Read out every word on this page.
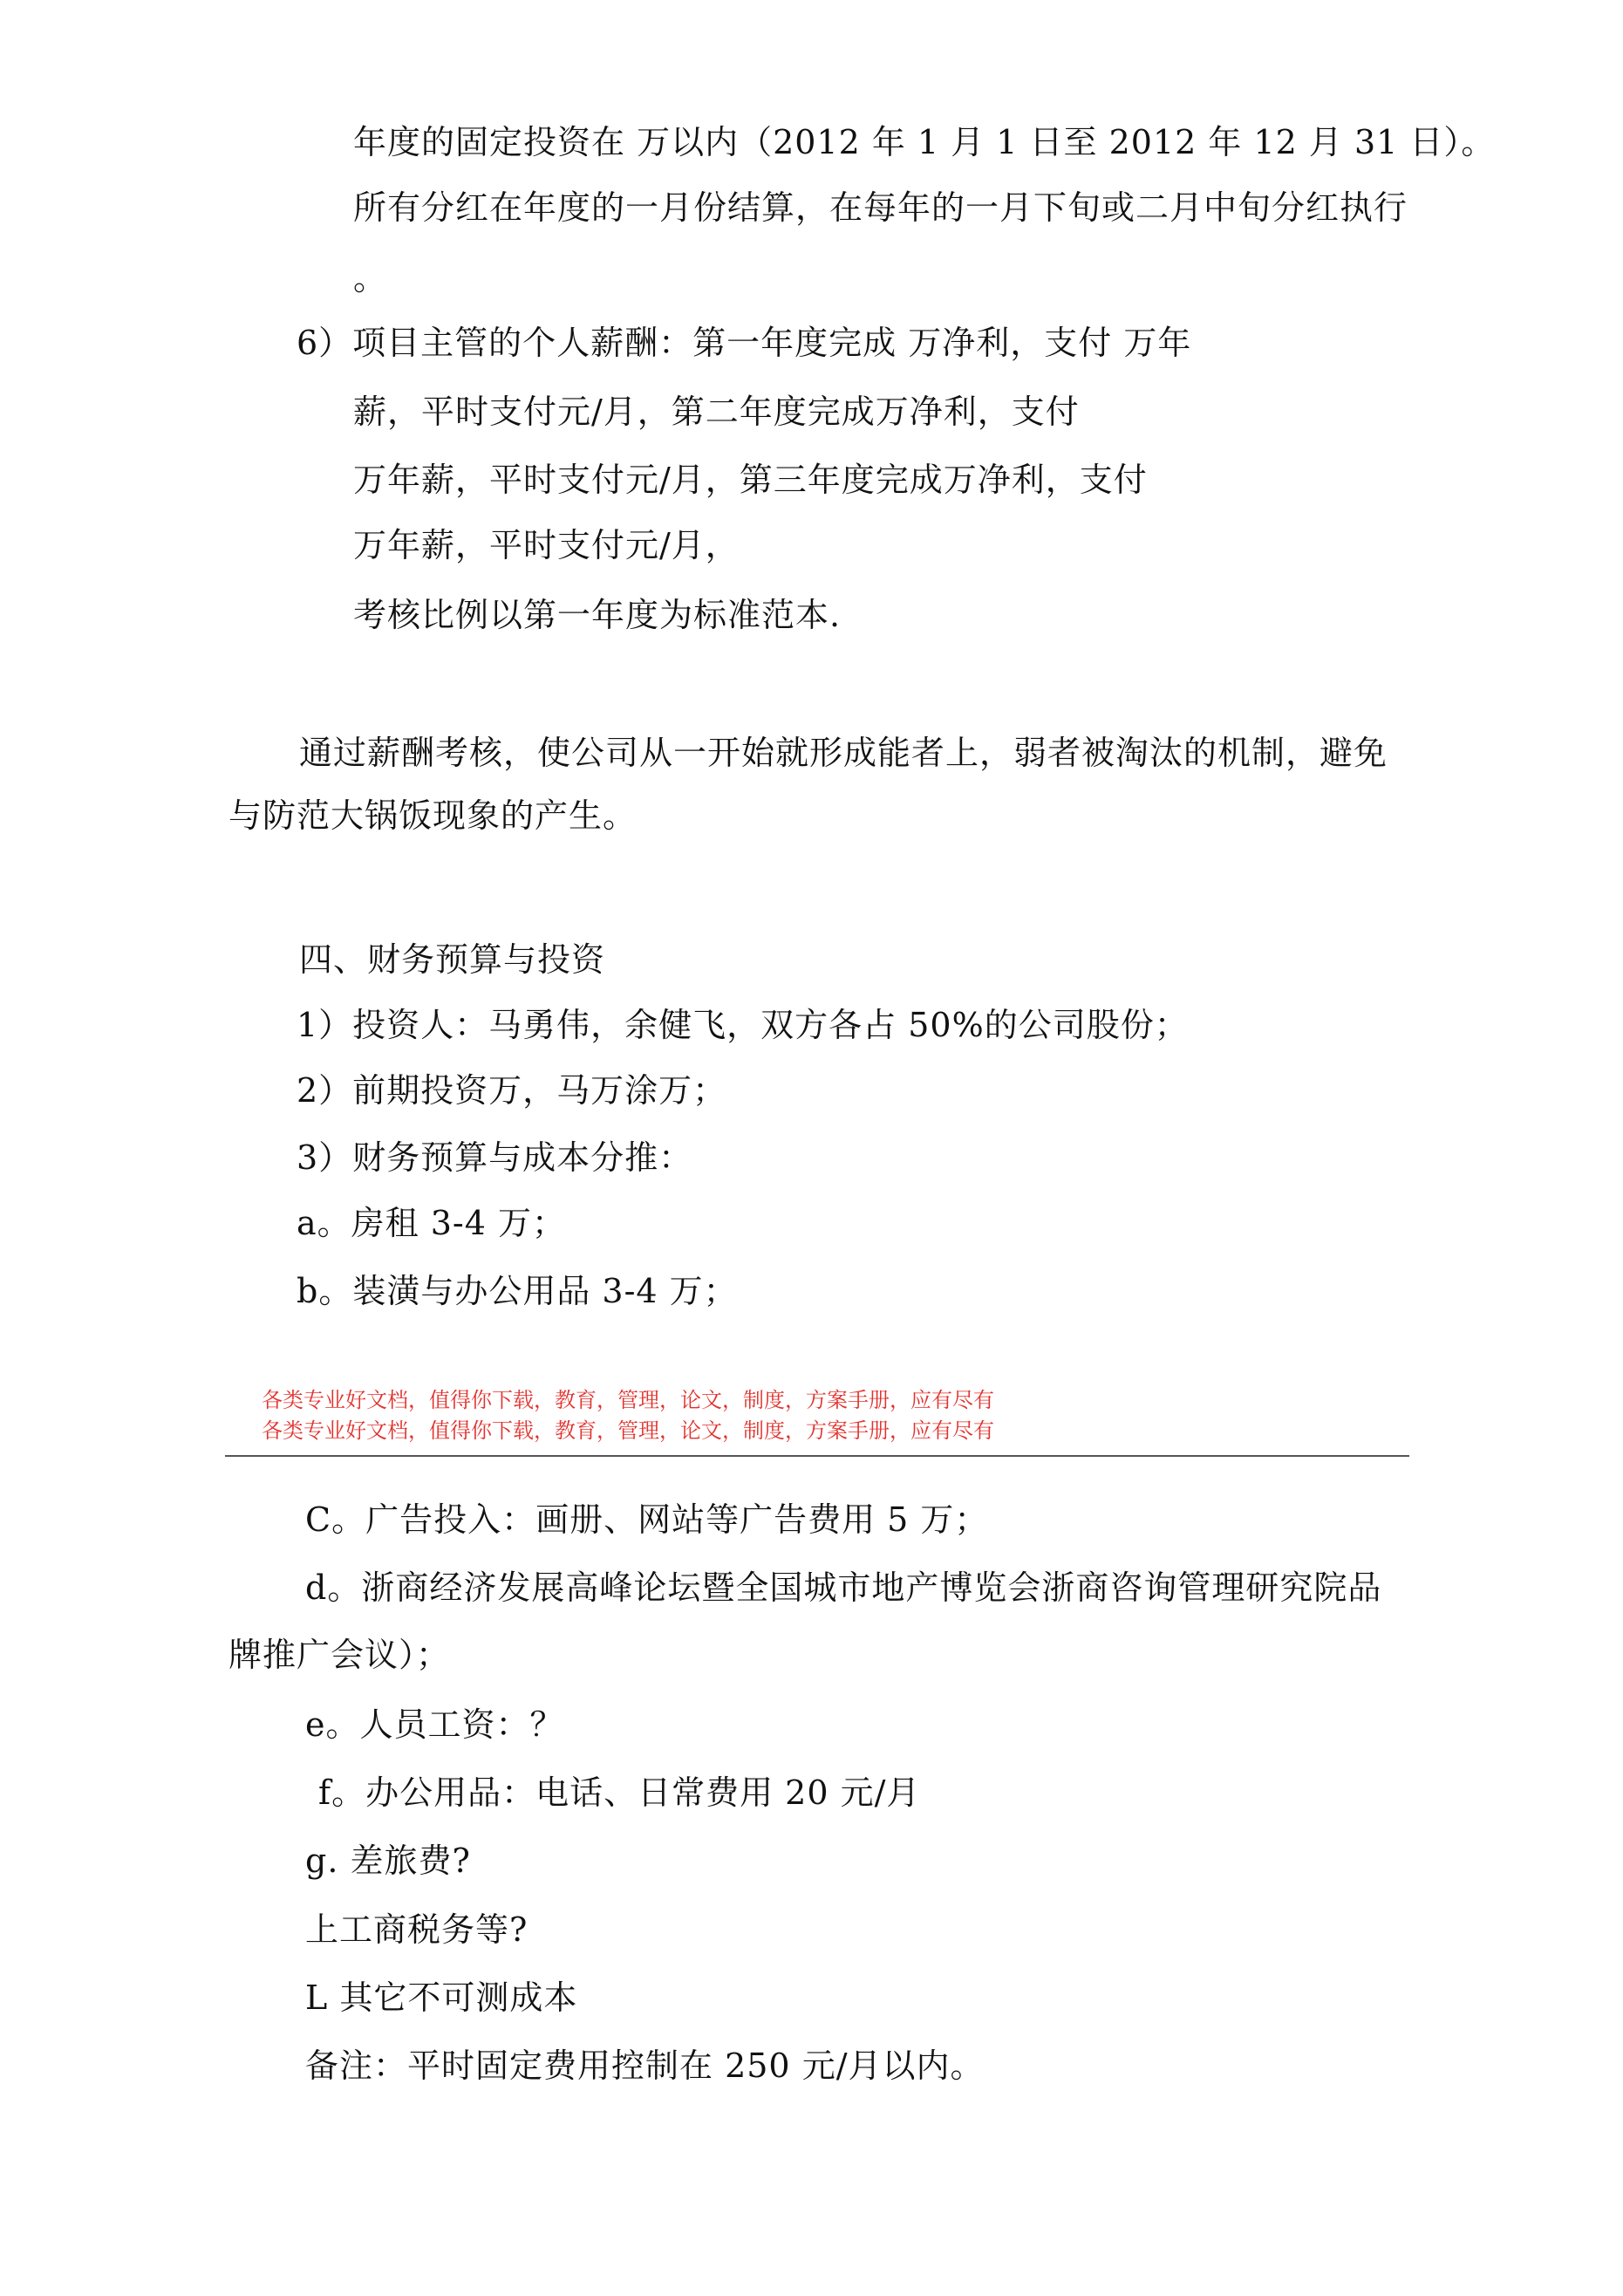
年度的固定投资在 万以内（2012 年 1 月 1 日至 2012 年 12 月 31 日）。
所有分红在年度的一月份结算，在每年的一月下旬或二月中旬分红执行
。
6）项目主管的个人薪酬：第一年度完成 万净利，支付 万年
薪，平时支付元/月，第二年度完成万净利，支付
万年薪，平时支付元/月，第三年度完成万净利，支付
万年薪，平时支付元/月，
考核比例以第一年度为标准范本.
通过薪酬考核，使公司从一开始就形成能者上，弱者被淘汰的机制，避免
与防范大锅饭现象的产生。
四、财务预算与投资
1）投资人：马勇伟，余健飞，双方各占 50%的公司股份；
2）前期投资万，马万涂万；
3）财务预算与成本分推：
a。房租 3-4 万；
b。装潢与办公用品 3-4 万；
各类专业好文档，值得你下载，教育，管理，论文，制度，方案手册，应有尽有
各类专业好文档，值得你下载，教育，管理，论文，制度，方案手册，应有尽有
C。广告投入：画册、网站等广告费用 5 万；
d。浙商经济发展高峰论坛暨全国城市地产博览会浙商咨询管理研究院品
牌推广会议）；
e。人员工资：？
f。办公用品：电话、日常费用 20 元/月
g. 差旅费?
上工商税务等?
L 其它不可测成本
备注：平时固定费用控制在 250 元/月以内。
